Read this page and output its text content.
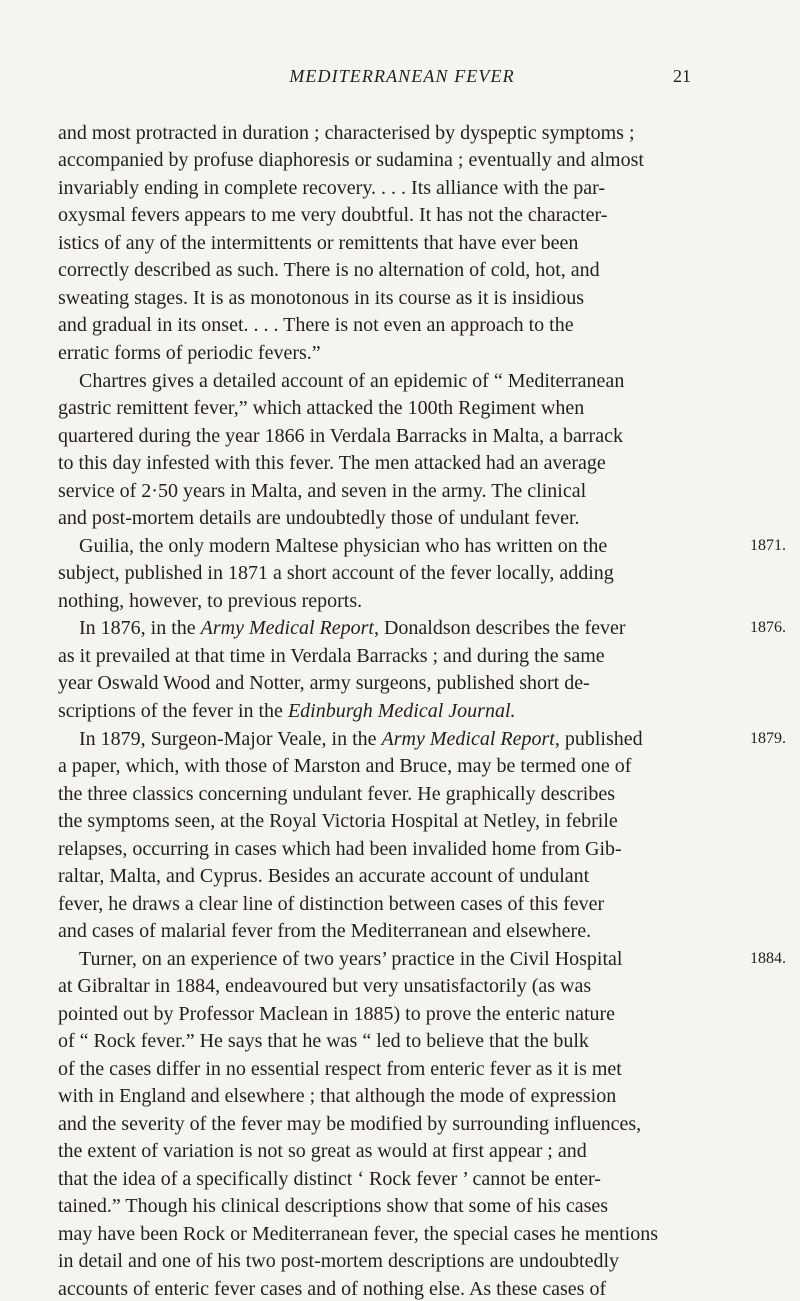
MEDITERRANEAN FEVER	21
and most protracted in duration ; characterised by dyspeptic symptoms ;
accompanied by profuse diaphoresis or sudamina ; eventually and almost
invariably ending in complete recovery. . . . Its alliance with the par-
oxysmal fevers appears to me very doubtful. It has not the character-
istics of any of the intermittents or remittents that have ever been
correctly described as such. There is no alternation of cold, hot, and
sweating stages. It is as monotonous in its course as it is insidious
and gradual in its onset. . . . There is not even an approach to the
erratic forms of periodic fevers.”
Chartres gives a detailed account of an epidemic of “ Mediterranean
gastric remittent fever,” which attacked the 100th Regiment when
quartered during the year 1866 in Verdala Barracks in Malta, a barrack
to this day infested with this fever. The men attacked had an average
service of 2·50 years in Malta, and seven in the army. The clinical
and post-mortem details are undoubtedly those of undulant fever.
Guilia, the only modern Maltese physician who has written on the	1871.
subject, published in 1871 a short account of the fever locally, adding
nothing, however, to previous reports.
In 1876, in the Army Medical Report, Donaldson describes the fever	1876.
as it prevailed at that time in Verdala Barracks ; and during the same
year Oswald Wood and Notter, army surgeons, published short de-
scriptions of the fever in the Edinburgh Medical Journal.
In 1879, Surgeon-Major Veale, in the Army Medical Report, published	1879.
a paper, which, with those of Marston and Bruce, may be termed one of
the three classics concerning undulant fever. He graphically describes
the symptoms seen, at the Royal Victoria Hospital at Netley, in febrile
relapses, occurring in cases which had been invalided home from Gib-
raltar, Malta, and Cyprus. Besides an accurate account of undulant
fever, he draws a clear line of distinction between cases of this fever
and cases of malarial fever from the Mediterranean and elsewhere.
Turner, on an experience of two years’ practice in the Civil Hospital	1884.
at Gibraltar in 1884, endeavoured but very unsatisfactorily (as was
pointed out by Professor Maclean in 1885) to prove the enteric nature
of “ Rock fever.” He says that he was “ led to believe that the bulk
of the cases differ in no essential respect from enteric fever as it is met
with in England and elsewhere ; that although the mode of expression
and the severity of the fever may be modified by surrounding influences,
the extent of variation is not so great as would at first appear ; and
that the idea of a specifically distinct ‘ Rock fever ’ cannot be enter-
tained.” Though his clinical descriptions show that some of his cases
may have been Rock or Mediterranean fever, the special cases he mentions
in detail and one of his two post-mortem descriptions are undoubtedly
accounts of enteric fever cases and of nothing else. As these cases of
